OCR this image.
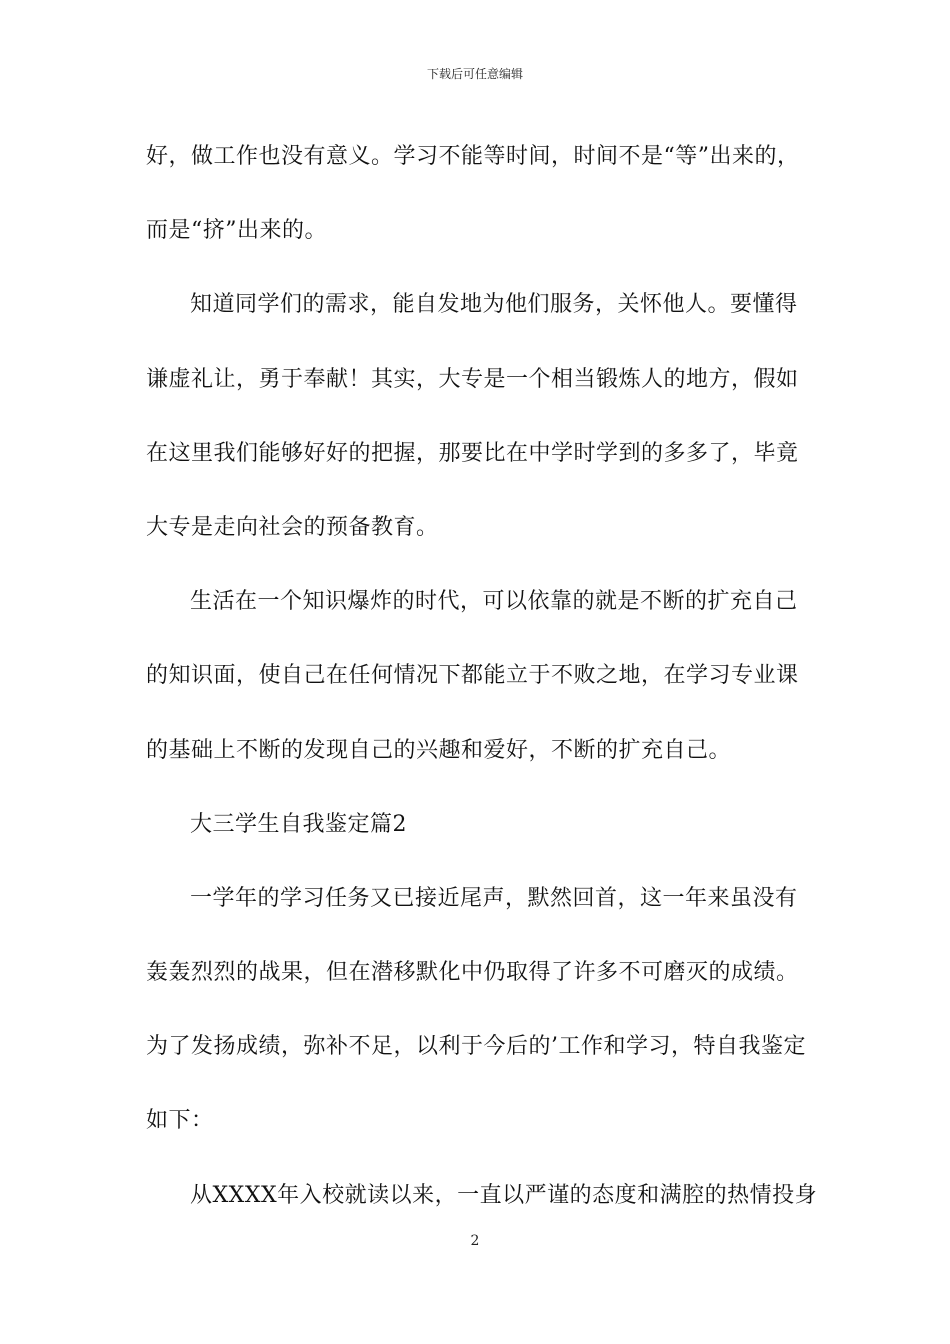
下载后可任意编辑
好，做工作也没有意义。学习不能等时间，时间不是“等”出来的，
而是“挤”出来的。
知道同学们的需求，能自发地为他们服务，关怀他人。要懂得
谦虚礼让，勇于奉献！其实，大专是一个相当锻炼人的地方，假如
在这里我们能够好好的把握，那要比在中学时学到的多多了，毕竟
大专是走向社会的预备教育。
生活在一个知识爆炸的时代，可以依靠的就是不断的扩充自己
的知识面，使自己在任何情况下都能立于不败之地，在学习专业课
的基础上不断的发现自己的兴趣和爱好，不断的扩充自己。
大三学生自我鉴定篇2
一学年的学习任务又已接近尾声，默然回首，这一年来虽没有
轰轰烈烈的战果，但在潜移默化中仍取得了许多不可磨灭的成绩。
为了发扬成绩，弥补不足，以利于今后的’工作和学习，特自我鉴定
如下：
从XXXX年入校就读以来，一直以严谨的态度和满腔的热情投身
2
